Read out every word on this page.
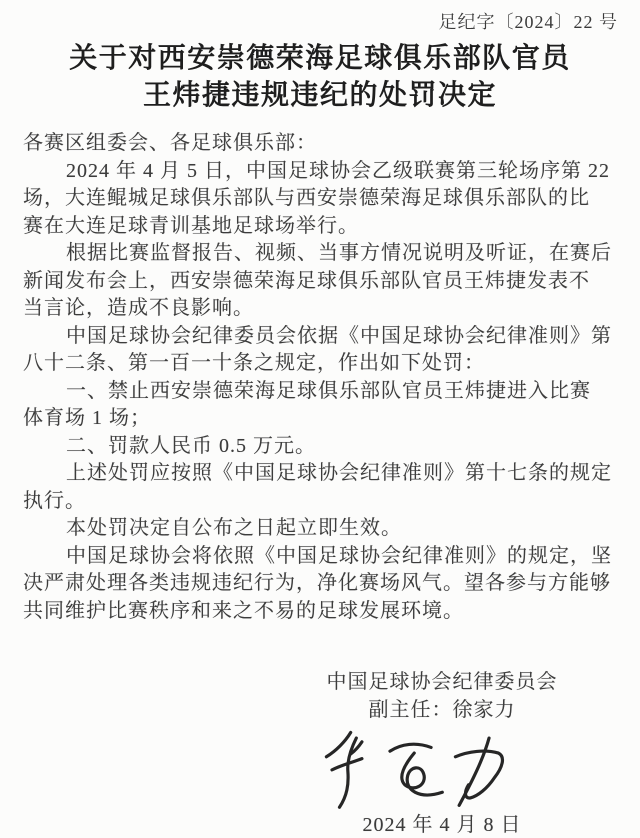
足纪字〔2024〕22 号
关于对西安崇德荣海足球俱乐部队官员
王炜捷违规违纪的处罚决定
各赛区组委会、各足球俱乐部：
2024 年 4 月 5 日，中国足球协会乙级联赛第三轮场序第 22
场，大连鲲城足球俱乐部队与西安崇德荣海足球俱乐部队的比
赛在大连足球青训基地足球场举行。
根据比赛监督报告、视频、当事方情况说明及听证，在赛后
新闻发布会上，西安崇德荣海足球俱乐部队官员王炜捷发表不
当言论，造成不良影响。
中国足球协会纪律委员会依据《中国足球协会纪律准则》第
八十二条、第一百一十条之规定，作出如下处罚：
一、禁止西安崇德荣海足球俱乐部队官员王炜捷进入比赛
体育场 1 场；
二、罚款人民币 0.5 万元。
上述处罚应按照《中国足球协会纪律准则》第十七条的规定
执行。
本处罚决定自公布之日起立即生效。
中国足球协会将依照《中国足球协会纪律准则》的规定，坚
决严肃处理各类违规违纪行为，净化赛场风气。望各参与方能够
共同维护比赛秩序和来之不易的足球发展环境。
中国足球协会纪律委员会
副主任：徐家力
2024 年 4 月 8 日
